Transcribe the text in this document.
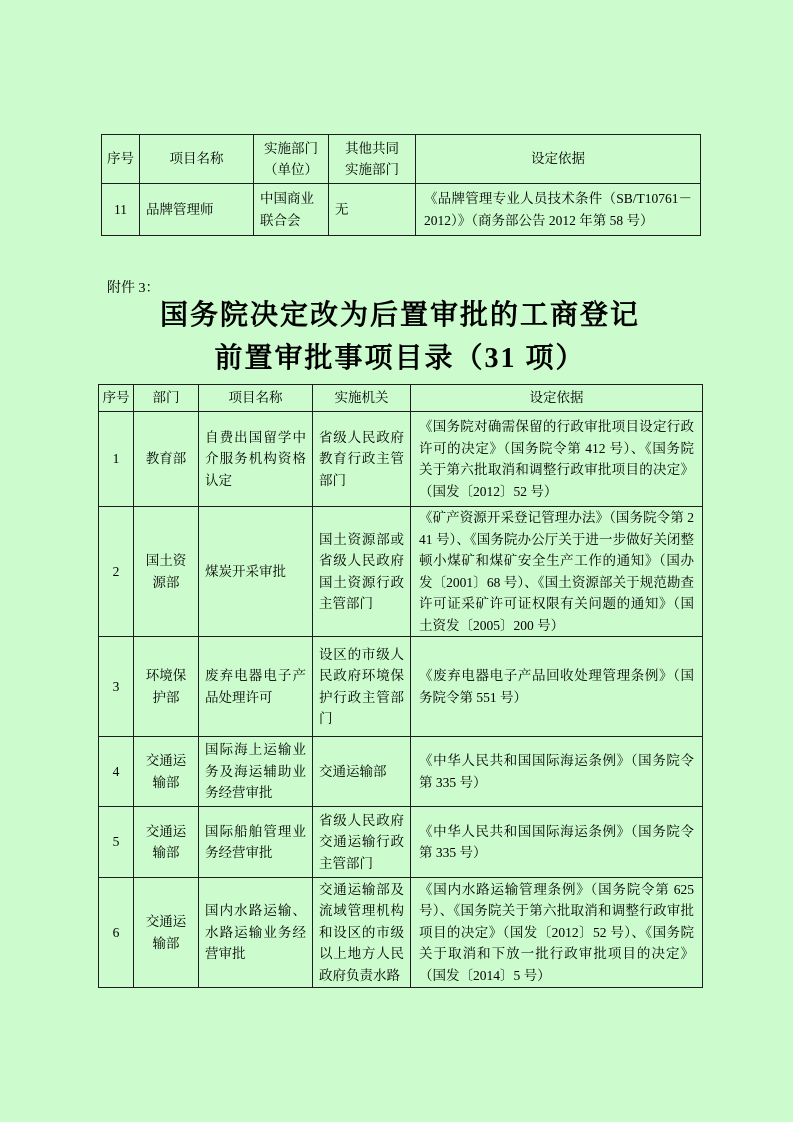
序号	项目名称	实施部门（单位）	其他共同实施部门	设定依据
11	品牌管理师	中国商业联合会	无	《品牌管理专业人员技术条件（SB/T10761－2012）》（商务部公告 2012 年第 58 号）
附件 3：
国务院决定改为后置审批的工商登记
前置审批事项目录（31 项）
序号	部门	项目名称	实施机关	设定依据
1	教育部	自费出国留学中介服务机构资格认定	省级人民政府教育行政主管部门	《国务院对确需保留的行政审批项目设定行政许可的决定》（国务院令第 412 号）、《国务院关于第六批取消和调整行政审批项目的决定》（国发〔2012〕52 号）
2	国土资源部	煤炭开采审批	国土资源部或省级人民政府国土资源行政主管部门	《矿产资源开采登记管理办法》（国务院令第 241 号）、《国务院办公厅关于进一步做好关闭整顿小煤矿和煤矿安全生产工作的通知》（国办发〔2001〕68 号）、《国土资源部关于规范勘查许可证采矿许可证权限有关问题的通知》（国土资发〔2005〕200 号）
3	环境保护部	废弃电器电子产品处理许可	设区的市级人民政府环境保护行政主管部门	《废弃电器电子产品回收处理管理条例》（国务院令第 551 号）
4	交通运输部	国际海上运输业务及海运辅助业务经营审批	交通运输部	《中华人民共和国国际海运条例》（国务院令第 335 号）
5	交通运输部	国际船舶管理业务经营审批	省级人民政府交通运输行政主管部门	《中华人民共和国国际海运条例》（国务院令第 335 号）
6	交通运输部	国内水路运输、水路运输业务经营审批	交通运输部及流域管理机构和设区的市级以上地方人民政府负责水路	《国内水路运输管理条例》（国务院令第 625 号）、《国务院关于第六批取消和调整行政审批项目的决定》（国发〔2012〕52 号）、《国务院关于取消和下放一批行政审批项目的决定》（国发〔2014〕5 号）
